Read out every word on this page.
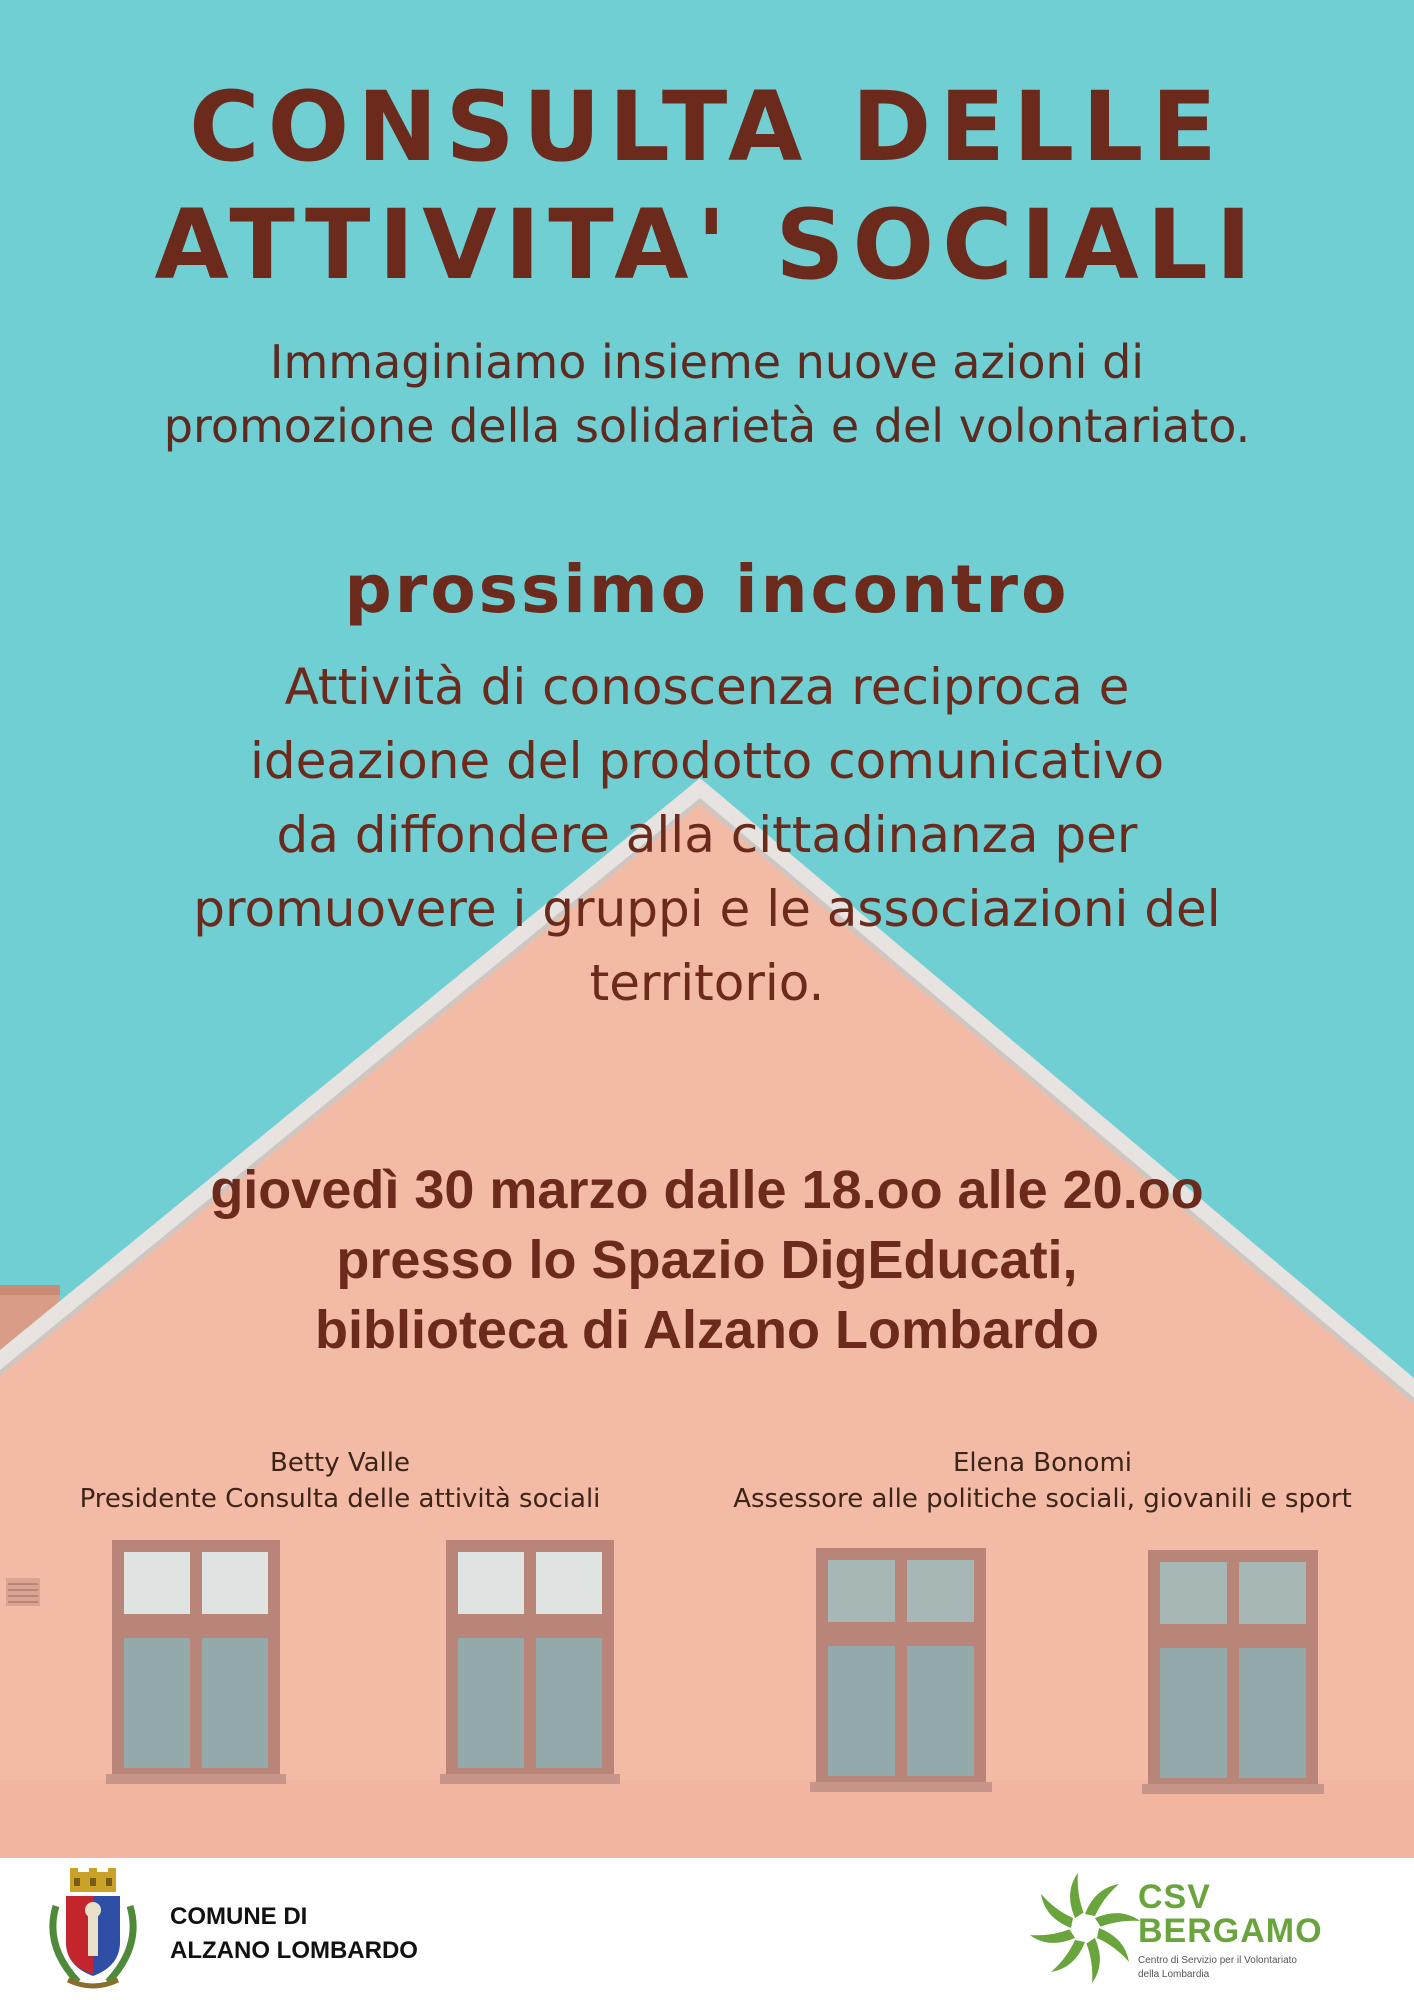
CONSULTA DELLE
ATTIVITA' SOCIALI
Immaginiamo insieme nuove azioni di
promozione della solidarietà e del volontariato.
prossimo incontro
Attività di conoscenza reciproca e
ideazione del prodotto comunicativo
da diffondere alla cittadinanza per
promuovere i gruppi e le associazioni del
territorio.
giovedì 30 marzo dalle 18.oo alle 20.oo
presso lo Spazio DigEducati,
biblioteca di Alzano Lombardo
Betty Valle
Presidente Consulta delle attività sociali
Elena Bonomi
Assessore alle politiche sociali, giovanili e sport
COMUNE DI
ALZANO LOMBARDO
CSV
BERGAMO
Centro di Servizio per il Volontariato
della Lombardia
